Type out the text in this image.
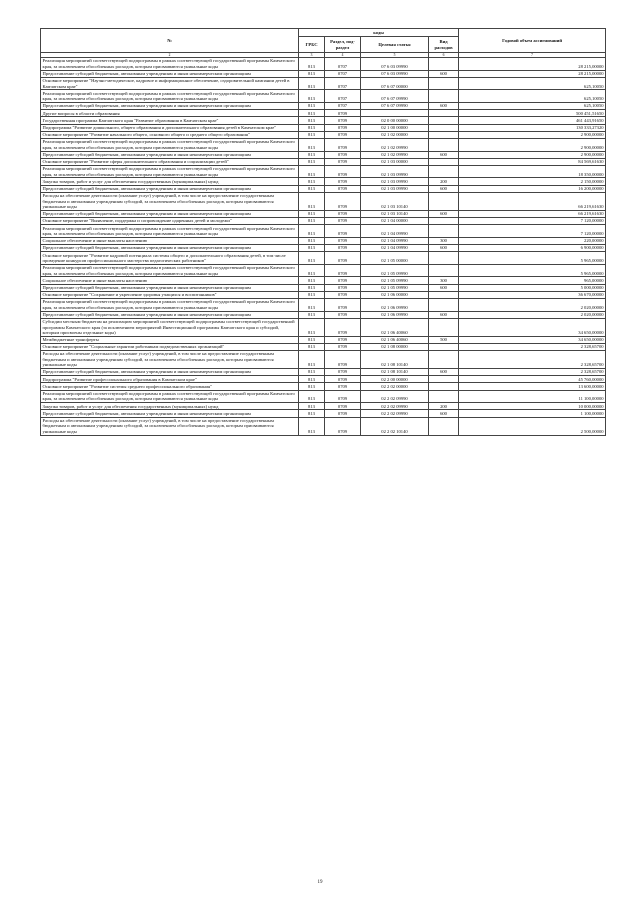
№	коды				Годовой объем ассигнований
	ГРБС	Раздел, под-раздел	Целевая статья	Вид расходов	
2	3	4	5	6	7
Реализация мероприятий соответствующей подпрограммы в рамках соответствующей государственной программы Камчатского края, за исключением обособленных расходов, которым присваиваются уникальные коды	813	0707	07 6 03 09990		28 215,00000
Предоставление субсидий бюджетным, автономным учреждениям и иным некоммерческим организациям	813	0707	07 6 03 09990	600	28 215,00000
Основное мероприятие "Научно-методическое, кадровое и информационное обеспечение, оздоровительной кампании детей в Камчатском крае"	813	0707	07 6 07 00000		625,10050
Реализация мероприятий соответствующей подпрограммы в рамках соответствующей государственной программы Камчатского края, за исключением обособленных расходов, которым присваиваются уникальные коды	813	0707	07 6 07 09990		625,10050
Предоставление субсидий бюджетным, автономным учреждениям и иным некоммерческим организациям	813	0707	07 6 07 09990	600	625,10050
Другие вопросы в области образования	813	0709			500 451,51650
Государственная программа Камчатского края "Развитие образования в Камчатском крае"	813	0709	02 0 00 00000		461 443,91650
Подпрограмма "Развитие дошкольного, общего образования и дополнительного образования детей в Камчатском крае"	813	0709	02 1 00 00000		130 333,27320
Основное мероприятие "Развитие начального общего, основного общего и среднего общего образования"	813	0709	02 1 02 00000		2 900,00000
Реализация мероприятий соответствующей подпрограммы в рамках соответствующей государственной программы Камчатского края, за исключением обособленных расходов, которым присваиваются уникальные коды	813	0709	02 1 02 09990		2 900,00000
Предоставление субсидий бюджетным, автономным учреждениям и иным некоммерческим организациям	813	0709	02 1 02 09990	600	2 900,00000
Основное мероприятие "Развитие сферы дополнительного образования и социализации детей"	813	0709	02 1 03 00000		84 569,61630
Реализация мероприятий соответствующей подпрограммы в рамках соответствующей государственной программы Камчатского края, за исключением обособленных расходов, которым присваиваются уникальные коды	813	0709	02 1 03 09990		18 350,00000
Закупка товаров, работ и услуг для обеспечения государственных (муниципальных) нужд	813	0709	02 1 03 09990	200	2 150,00000
Предоставление субсидий бюджетным, автономным учреждениям и иным некоммерческим организациям	813	0709	02 1 03 09990	600	16 200,00000
Расходы на обеспечение деятельности (оказание услуг) учреждений, в том числе на предоставление государственным бюджетным и автономным учреждениям субсидий, за исключением обособленных расходов, которым присваиваются уникальные коды	813	0709	02 1 03 10140		66 219,61630
Предоставление субсидий бюджетным, автономным учреждениям и иным некоммерческим организациям	813	0709	02 1 03 10140	600	66 219,61630
Основное мероприятие "Выявление, поддержка и сопровождение одаренных детей и молодежи"	813	0709	02 1 04 00000		7 120,00000
Реализация мероприятий соответствующей подпрограммы в рамках соответствующей государственной программы Камчатского края, за исключением обособленных расходов, которым присваиваются уникальные коды	813	0709	02 1 04 09990		7 120,00000
Социальное обеспечение и иные выплаты населению	813	0709	02 1 04 09990	300	220,00000
Предоставление субсидий бюджетным, автономным учреждениям и иным некоммерческим организациям	813	0709	02 1 04 09990	600	6 900,00000
Основное мероприятие "Развитие кадровой потенциала системы общего и дополнительного образования детей, в том числе проведение конкурсов профессионального мастерства педагогических работников"	813	0709	02 1 05 00000		5 965,00000
Реализация мероприятий соответствующей подпрограммы в рамках соответствующей государственной программы Камчатского края, за исключением обособленных расходов, которым присваиваются уникальные коды	813	0709	02 1 05 09990		5 965,00000
Социальное обеспечение и иные выплаты населению	813	0709	02 1 05 09990	300	965,00000
Предоставление субсидий бюджетным, автономным учреждениям и иным некоммерческим организациям	813	0709	02 1 05 09990	600	5 000,00000
Основное мероприятие "Сохранение и укрепление здоровья учащихся и воспитанников"	813	0709	02 1 06 00000		36 670,00000
Реализация мероприятий соответствующей подпрограммы в рамках соответствующей государственной программы Камчатского края, за исключением обособленных расходов, которым присваиваются уникальные коды	813	0709	02 1 06 09990		2 020,00000
Предоставление субсидий бюджетным, автономным учреждениям и иным некоммерческим организациям	813	0709	02 1 06 09990	600	2 020,00000
Субсидии местным бюджетам на реализацию мероприятий соответствующей подпрограммы соответствующей государственной программы Камчатского края (за исключением мероприятий Инвестиционной программы Камчатского края и субсидий, которым присвоены отдельные коды)	813	0709	02 1 06 40060		34 650,00000
Межбюджетные трансферты	813	0709	02 1 06 40060	500	34 650,00000
Основное мероприятие "Социальные гарантии работникам подведомственных организаций"	813	0709	02 1 08 00000		2 328,65700
Расходы на обеспечение деятельности (оказание услуг) учреждений, в том числе на предоставление государственным бюджетным и автономным учреждениям субсидий, за исключением обособленных расходов, которым присваиваются уникальные коды	813	0709	02 1 08 10140		2 328,65700
Предоставление субсидий бюджетным, автономным учреждениям и иным некоммерческим организациям	813	0709	02 1 08 10140	600	2 328,65700
Подпрограмма "Развитие профессионального образования в Камчатском крае"	813	0709	02 2 00 00000		45 760,00000
Основное мероприятие "Развитие системы среднего профессионального образования"	813	0709	02 2 02 00000		13 600,00000
Реализация мероприятий соответствующей подпрограммы в рамках соответствующей государственной программы Камчатского края, за исключением обособленных расходов, которым присваиваются уникальные коды	813	0709	02 2 02 09990		11 100,00000
Закупка товаров, работ и услуг для обеспечения государственных (муниципальных) нужд	813	0709	02 2 02 09990	200	10 000,00000
Предоставление субсидий бюджетным, автономным учреждениям и иным некоммерческим организациям	813	0709	02 2 02 09990	600	1 100,00000
Расходы на обеспечение деятельности (оказание услуг) учреждений, в том числе на предоставление государственным бюджетным и автономным учреждениям субсидий, за исключением обособленных расходов, которым присваиваются уникальные коды	813	0709	02 2 02 10140		2 500,00000
19
